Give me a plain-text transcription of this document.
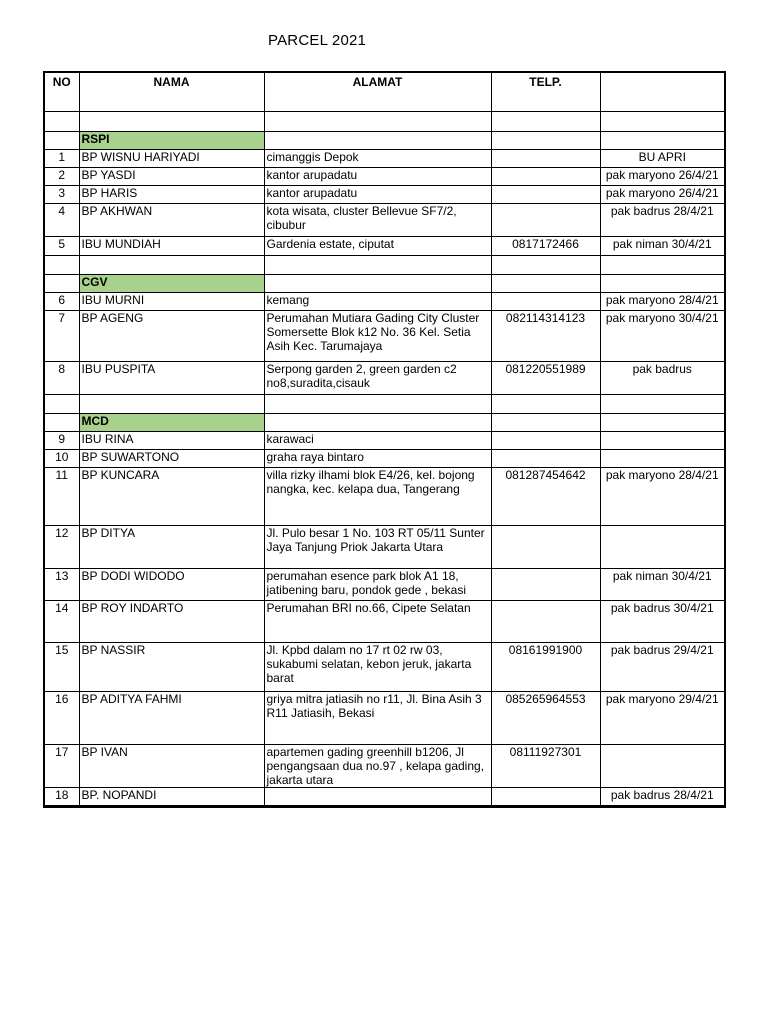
PARCEL 2021
NO	NAMA	ALAMAT	TELP.	

	RSPI			
1	BP WISNU HARIYADI	cimanggis Depok		BU APRI
2	BP YASDI	kantor arupadatu		pak maryono 26/4/21
3	BP HARIS	kantor arupadatu		pak maryono 26/4/21
4	BP AKHWAN	kota wisata, cluster Bellevue SF7/2, cibubur		pak badrus 28/4/21
5	IBU MUNDIAH	Gardenia estate, ciputat	0817172466	pak niman 30/4/21

	CGV			
6	IBU MURNI	kemang		pak maryono 28/4/21
7	BP AGENG	Perumahan Mutiara Gading City Cluster Somersette Blok k12 No. 36 Kel. Setia Asih Kec. Tarumajaya	082114314123	pak maryono 30/4/21
8	IBU PUSPITA	Serpong garden 2, green garden c2 no8,suradita,cisauk	081220551989	pak badrus

	MCD			
9	IBU RINA	karawaci		
10	BP SUWARTONO	graha raya bintaro		
11	BP KUNCARA	villa rizky ilhami blok E4/26, kel. bojong nangka, kec. kelapa dua, Tangerang	081287454642	pak maryono 28/4/21
12	BP DITYA	Jl. Pulo besar 1 No. 103 RT 05/11 Sunter Jaya Tanjung Priok Jakarta Utara		
13	BP DODI WIDODO	perumahan esence park blok A1 18, jatibening baru, pondok gede , bekasi		pak niman 30/4/21
14	BP ROY INDARTO	Perumahan BRI no.66, Cipete Selatan		pak badrus 30/4/21
15	BP NASSIR	Jl. Kpbd dalam no 17 rt 02 rw 03, sukabumi selatan, kebon jeruk, jakarta barat	08161991900	pak badrus 29/4/21
16	BP ADITYA FAHMI	griya mitra jatiasih no r11, Jl. Bina Asih 3 R11 Jatiasih, Bekasi	085265964553	pak maryono 29/4/21
17	BP IVAN	apartemen gading greenhill b1206, Jl pengangsaan dua no.97 , kelapa gading, jakarta utara	08111927301	
18	BP. NOPANDI			pak badrus 28/4/21
